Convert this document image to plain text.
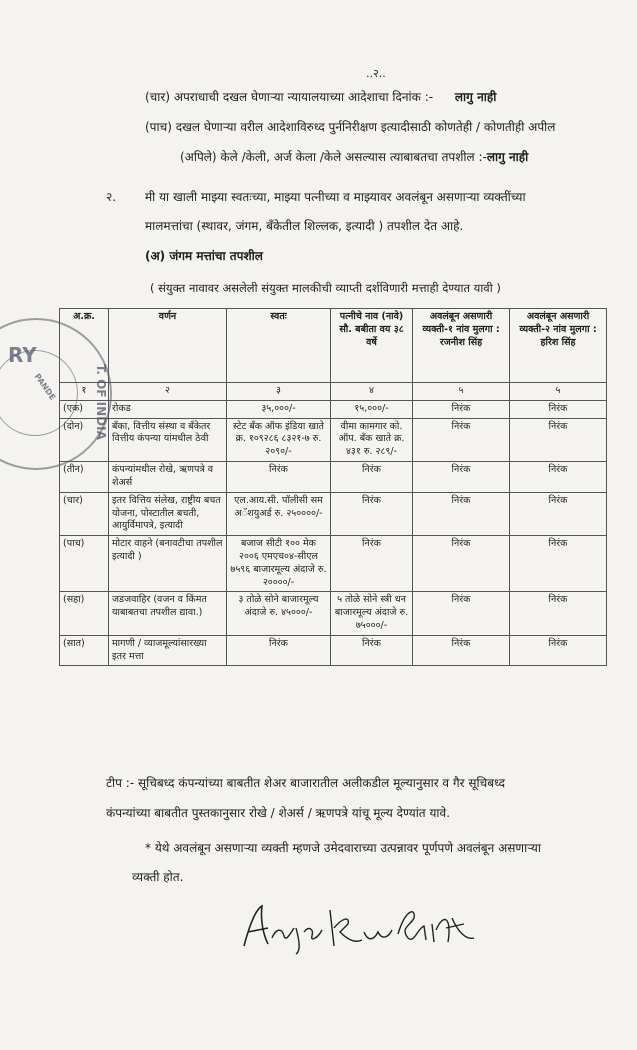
..२..
(चार) अपराधाची दखल घेणाऱ्या न्यायालयाच्या आदेशाचा दिनांक :- लागु नाही
(पाच) दखल घेणाऱ्या वरील आदेशाविरुध्द पुर्ननिरीक्षण इत्यादीसाठी कोणतेही / कोणतीही अपील
(अपिले) केले /केली, अर्ज केला /केले असल्यास त्याबाबतचा तपशील :-लागु नाही
२. मी या खाली माझ्या स्वतःच्या, माझ्या पत्नीच्या व माझ्यावर अवलंबून असणाऱ्या व्यक्तींच्या
मालमत्तांचा (स्थावर, जंगम, बँकेतील शिल्लक, इत्यादी ) तपशील देत आहे.
(अ) जंगम मत्तांचा तपशील
( संयुक्त नावावर असलेली संयुक्त मालकीची व्याप्ती दर्शविणारी मत्ताही देण्यात यावी )
RY
T. OF INDIA
PANDE
अ.क्र.	वर्णन	स्वतः	पत्नीचे नाव (नावे) सौ. बबीता वय ३८ वर्षे	अवलंबून असणारी व्यक्ती-१ नांव मुलगा : रजनीश सिंह	अवलंबून असणारी व्यक्ती-२ नांव मुलगा : हरिश सिंह
१	२	३	४	५	५
(एक)	रोकड	३५,०००/-	१५,०००/-	निरंक	निरंक
(दोन)	बँका, वित्तीय संस्था व बँकेतर वित्तीय कंपन्या यांमधील ठेवी	स्टेट बँक ऑफ इंडिया खाते क्र. १०९२८६ ८३२१-७ रु. २०९०/-	वीमा कामगार को. ऑप. बँक खाते क्र. ४३१ रु. २८९/-	निरंक	निरंक
(तीन)	कंपन्यांमधील रोखे, ऋणपत्रे व शेअर्स	निरंक	निरंक	निरंक	निरंक
(चार)	इतर वित्तिय संलेख, राष्ट्रीय बचत योजना, पोस्टातील बचती, आयुर्विमापत्रे, इत्यादी	एल.आय.सी. पॉलीसी सम अॅशयुअर्ड रु. २५००००/-	निरंक	निरंक	निरंक
(पाच)	मोटार वाहने (बनावटीचा तपशील इत्यादी )	बजाज सीटी १०० मेक २००६ एमएच०४-सीएल ७५९६ बाजारमूल्य अंदाजे रु. २००००/-	निरंक	निरंक	निरंक
(सहा)	जडजवाहिर (वजन व किंमत याबाबतचा तपशील द्यावा.)	३ तोळे सोने बाजारमूल्य अंदाजे रु. ४५०००/-	५ तोळे सोने स्त्री धन बाजारमूल्य अंदाजे रु. ७५०००/-	निरंक	निरंक
(सात)	मागणी / व्याजमूल्यांसारख्या इतर मत्ता	निरंक	निरंक	निरंक	निरंक
टीप :- सूचिबध्द कंपन्यांच्या बाबतीत शेअर बाजारातील अलीकडील मूल्यानुसार व गैर सूचिबध्द
कंपन्यांच्या बाबतीत पुस्तकानुसार रोखे / शेअर्स / ऋणपत्रे यांचू मूल्य देण्यांत यावे.
* येथे अवलंबून असणाऱ्या व्यक्ती म्हणजे उमेदवाराच्या उत्पन्नावर पूर्णपणे अवलंबून असणाऱ्या
व्यक्ती होत.
